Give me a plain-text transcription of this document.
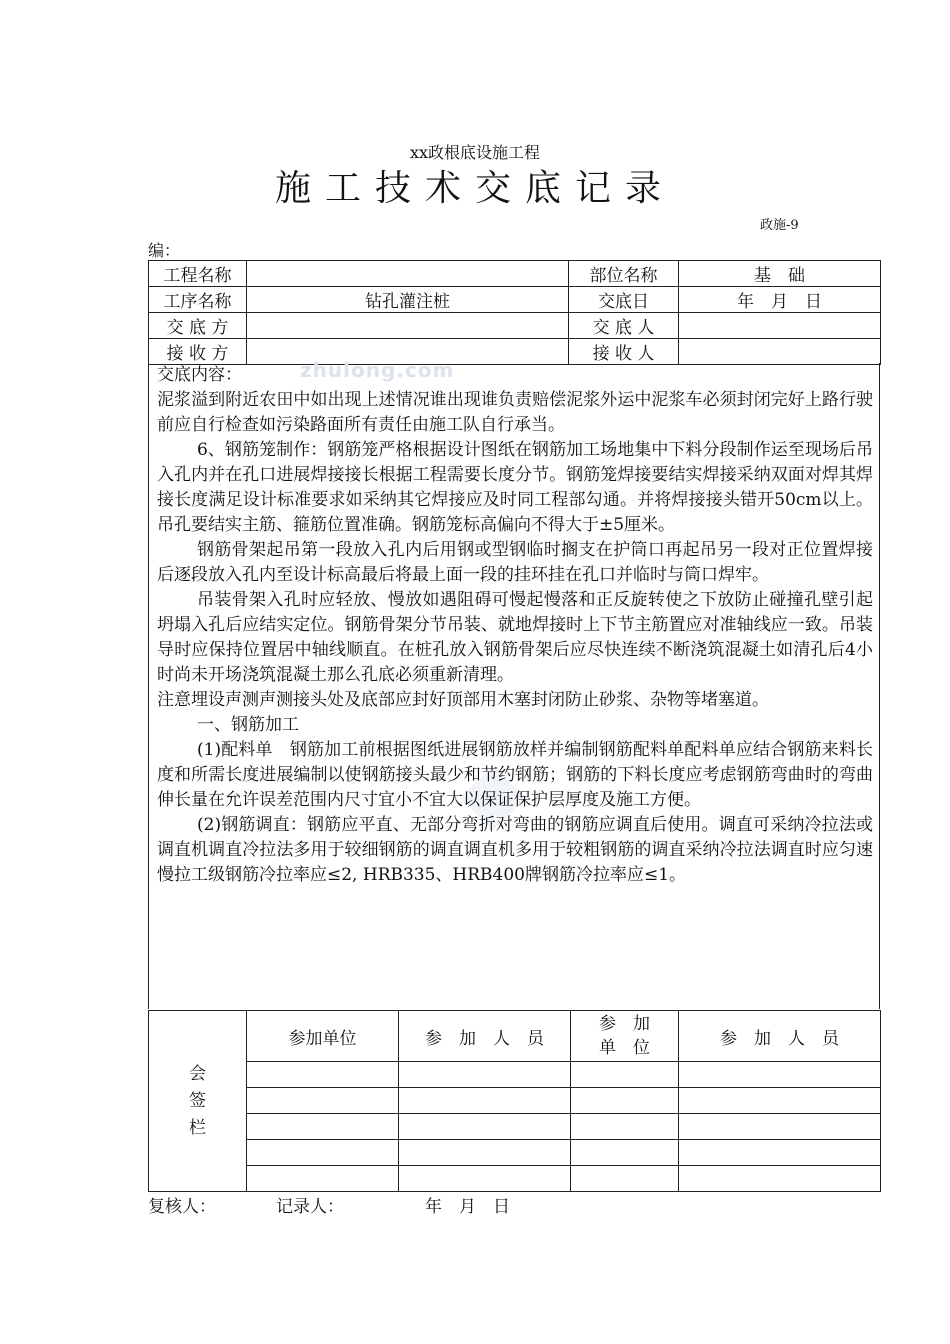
xx政根底设施工程
施工技术交底记录
政施-9
编：
工程名称		部位名称	基　础
工序名称	钻孔灌注桩	交底日	年　月　日
交 底 方		交 底 人	
接 收 方		接 收 人	
zhulong.com

交底内容：

泥浆溢到附近农田中如出现上述情况谁出现谁负责赔偿泥浆外运中泥浆车必须封闭完好上路行驶前应自行检查如污染路面所有责任由施工队自行承当。

6、钢筋笼制作：钢筋笼严格根据设计图纸在钢筋加工场地集中下料分段制作运至现场后吊入孔内并在孔口进展焊接接长根据工程需要长度分节。钢筋笼焊接要结实焊接采纳双面对焊其焊接长度满足设计标准要求如采纳其它焊接应及时同工程部勾通。并将焊接接头错开50cm以上。吊孔要结实主筋、箍筋位置准确。钢筋笼标高偏向不得大于±5厘米。

钢筋骨架起吊第一段放入孔内后用钢或型钢临时搁支在护筒口再起吊另一段对正位置焊接后逐段放入孔内至设计标高最后将最上面一段的挂环挂在孔口并临时与筒口焊牢。

吊装骨架入孔时应轻放、慢放如遇阻碍可慢起慢落和正反旋转使之下放防止碰撞孔壁引起坍塌入孔后应结实定位。钢筋骨架分节吊装、就地焊接时上下节主筋置应对准轴线应一致。吊装导时应保持位置居中轴线顺直。在桩孔放入钢筋骨架后应尽快连续不断浇筑混凝土如清孔后4小时尚未开场浇筑混凝土那么孔底必须重新清理。

注意埋设声测声测接头处及底部应封好顶部用木塞封闭防止砂浆、杂物等堵塞道。

一、钢筋加工

(1)配料单　钢筋加工前根据图纸进展钢筋放样并编制钢筋配料单配料单应结合钢筋来料长度和所需长度进展编制以使钢筋接头最少和节约钢筋；钢筋的下料长度应考虑钢筋弯曲时的弯曲伸长量在允许误差范围内尺寸宜小不宜大以保证保护层厚度及施工方便。

(2)钢筋调直：钢筋应平直、无部分弯折对弯曲的钢筋应调直后使用。调直可采纳冷拉法或调直机调直冷拉法多用于较细钢筋的调直调直机多用于较粗钢筋的调直采纳冷拉法调直时应匀速慢拉工级钢筋冷拉率应≤2, HRB335、HRB400牌钢筋冷拉率应≤1。

会签栏	参加单位	参　加　人　员	参　加　单　位	参　加　人　员

复核人：	记录人：	年　月　日
